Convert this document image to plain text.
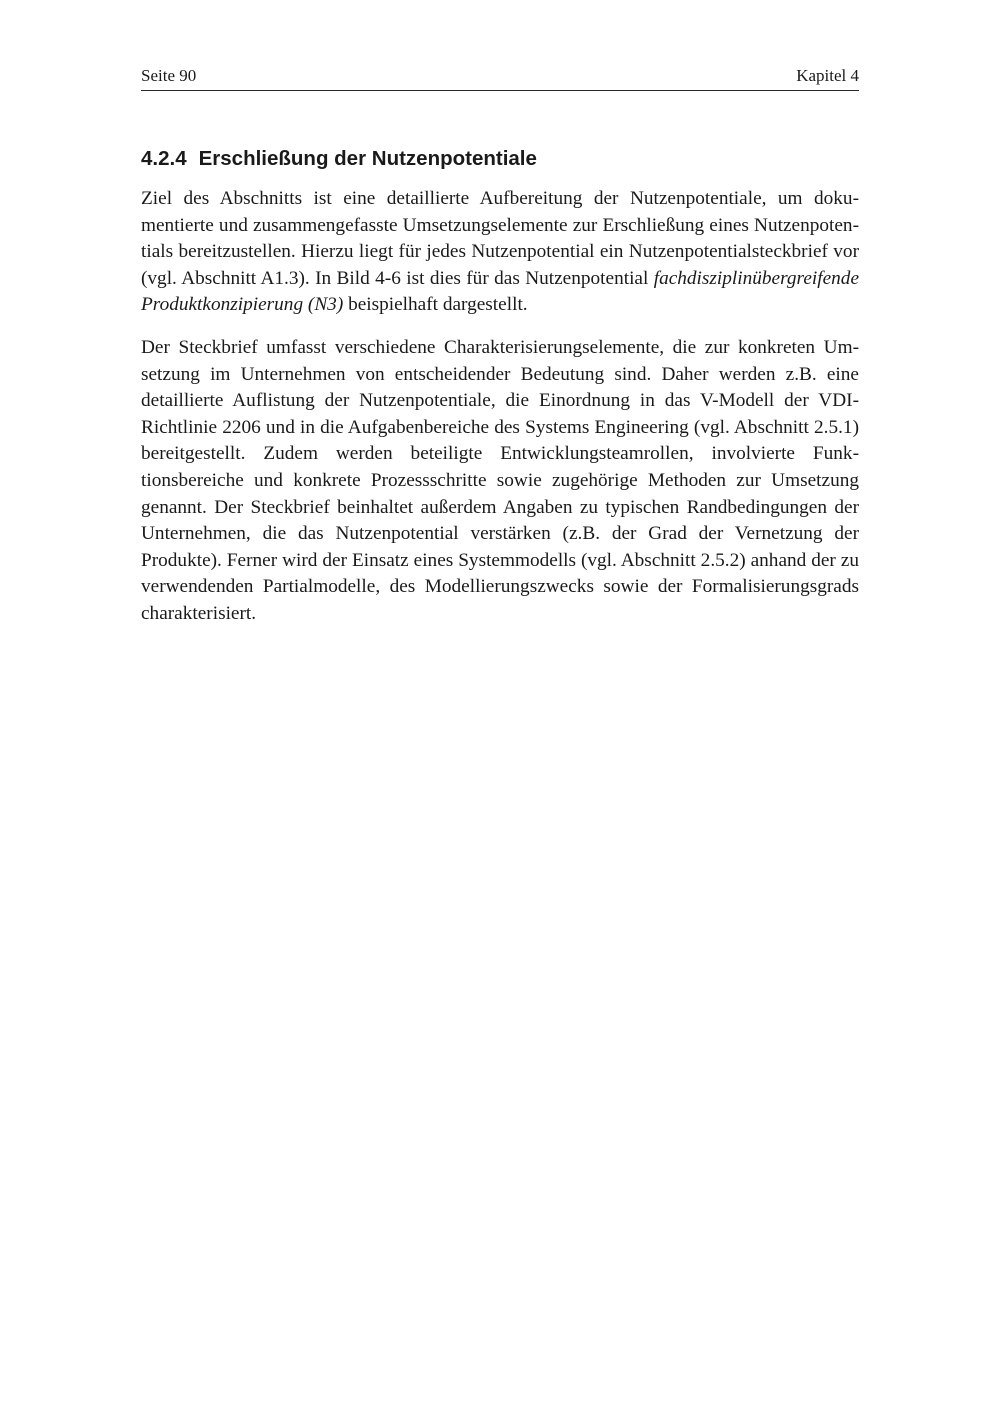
Seite 90	Kapitel 4
4.2.4 Erschließung der Nutzenpotentiale

Ziel des Abschnitts ist eine detaillierte Aufbereitung der Nutzenpotentiale, um dokumentierte und zusammengefasste Umsetzungselemente zur Erschließung eines Nutzenpotentials bereitzustellen. Hierzu liegt für jedes Nutzenpotential ein Nutzenpotentialsteckbrief vor (vgl. Abschnitt A1.3). In Bild 4-6 ist dies für das Nutzenpotential fachdisziplinübergreifende Produktkonzipierung (N3) beispielhaft dargestellt.

Der Steckbrief umfasst verschiedene Charakterisierungselemente, die zur konkreten Umsetzung im Unternehmen von entscheidender Bedeutung sind. Daher werden z.B. eine detaillierte Auflistung der Nutzenpotentiale, die Einordnung in das V-Modell der VDI-Richtlinie 2206 und in die Aufgabenbereiche des Systems Engineering (vgl. Abschnitt 2.5.1) bereitgestellt. Zudem werden beteiligte Entwicklungsteamrollen, involvierte Funktionsbereiche und konkrete Prozessschritte sowie zugehörige Methoden zur Umsetzung genannt. Der Steckbrief beinhaltet außerdem Angaben zu typischen Randbedingungen der Unternehmen, die das Nutzenpotential verstärken (z.B. der Grad der Vernetzung der Produkte). Ferner wird der Einsatz eines Systemmodells (vgl. Abschnitt 2.5.2) anhand der zu verwendenden Partialmodelle, des Modellierungszwecks sowie der Formalisierungsgrads charakterisiert.
